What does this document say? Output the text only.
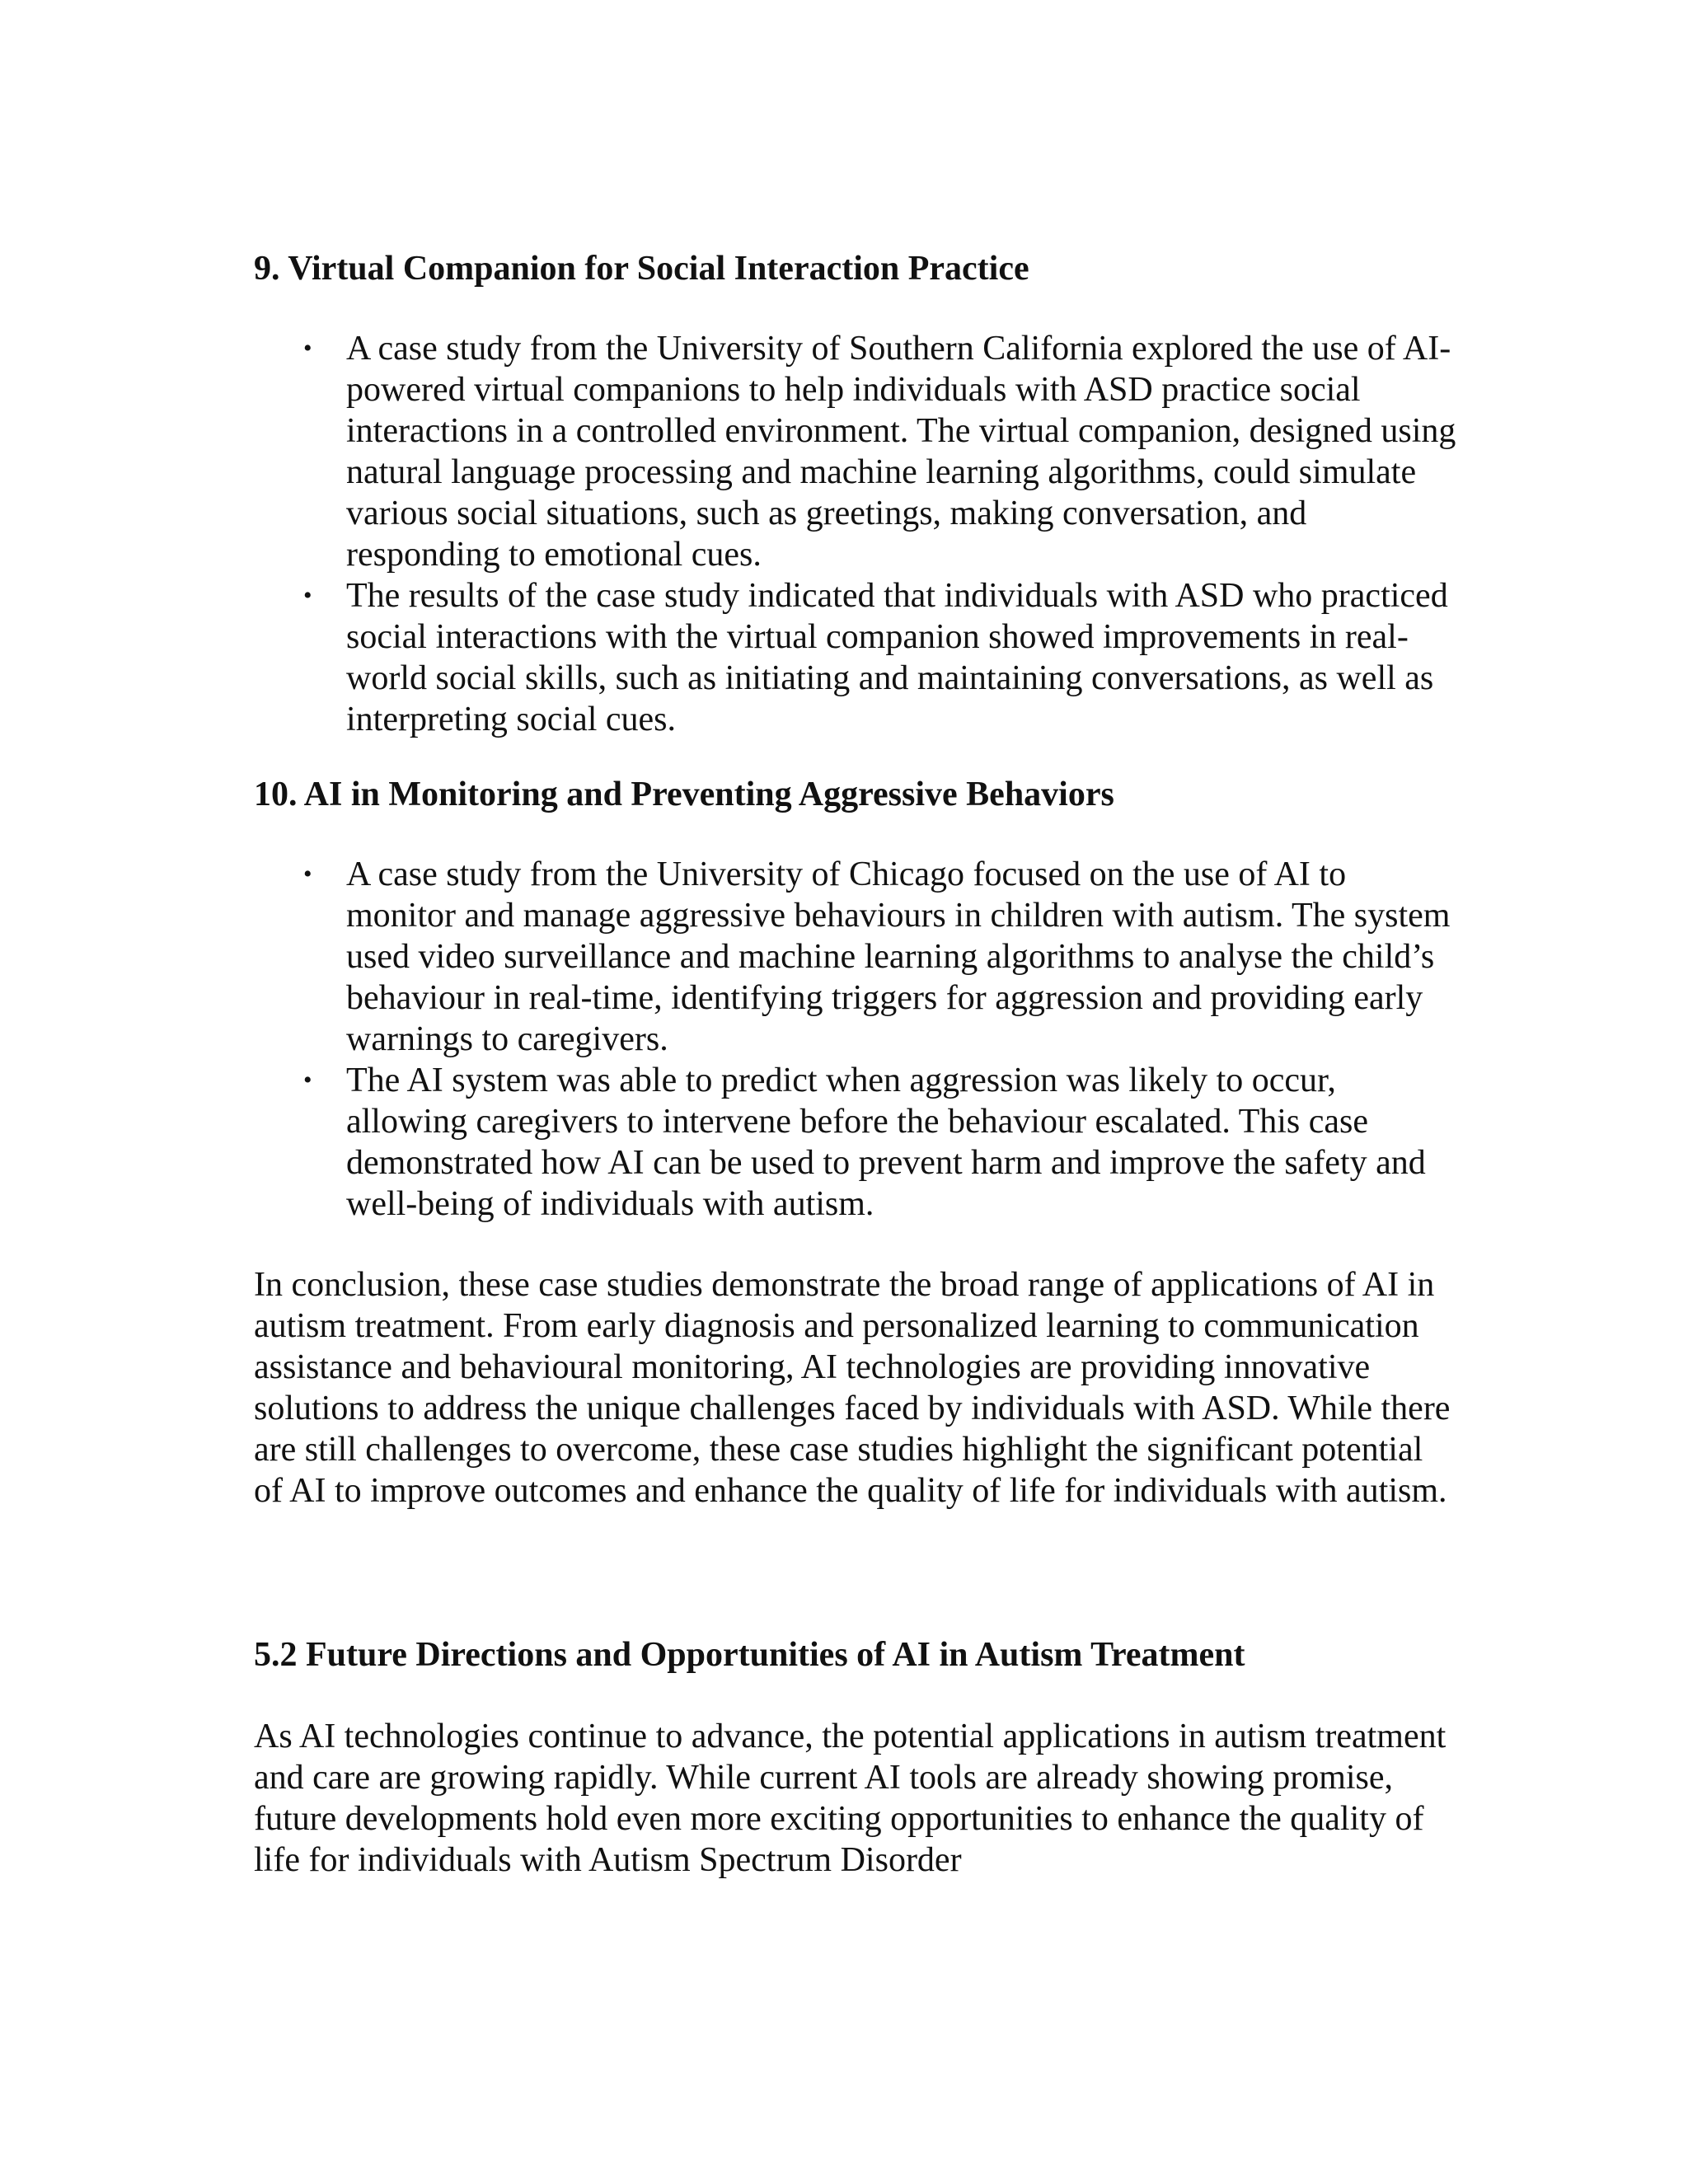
9. Virtual Companion for Social Interaction Practice
• A case study from the University of Southern California explored the use of AI-powered virtual companions to help individuals with ASD practice social interactions in a controlled environment. The virtual companion, designed using natural language processing and machine learning algorithms, could simulate various social situations, such as greetings, making conversation, and responding to emotional cues.
• The results of the case study indicated that individuals with ASD who practiced social interactions with the virtual companion showed improvements in real-world social skills, such as initiating and maintaining conversations, as well as interpreting social cues.
10. AI in Monitoring and Preventing Aggressive Behaviors
• A case study from the University of Chicago focused on the use of AI to monitor and manage aggressive behaviours in children with autism. The system used video surveillance and machine learning algorithms to analyse the child’s behaviour in real-time, identifying triggers for aggression and providing early warnings to caregivers.
• The AI system was able to predict when aggression was likely to occur, allowing caregivers to intervene before the behaviour escalated. This case demonstrated how AI can be used to prevent harm and improve the safety and well-being of individuals with autism.

In conclusion, these case studies demonstrate the broad range of applications of AI in autism treatment. From early diagnosis and personalized learning to communication assistance and behavioural monitoring, AI technologies are providing innovative solutions to address the unique challenges faced by individuals with ASD. While there are still challenges to overcome, these case studies highlight the significant potential of AI to improve outcomes and enhance the quality of life for individuals with autism.

5.2 Future Directions and Opportunities of AI in Autism Treatment

As AI technologies continue to advance, the potential applications in autism treatment and care are growing rapidly. While current AI tools are already showing promise, future developments hold even more exciting opportunities to enhance the quality of life for individuals with Autism Spectrum Disorder
